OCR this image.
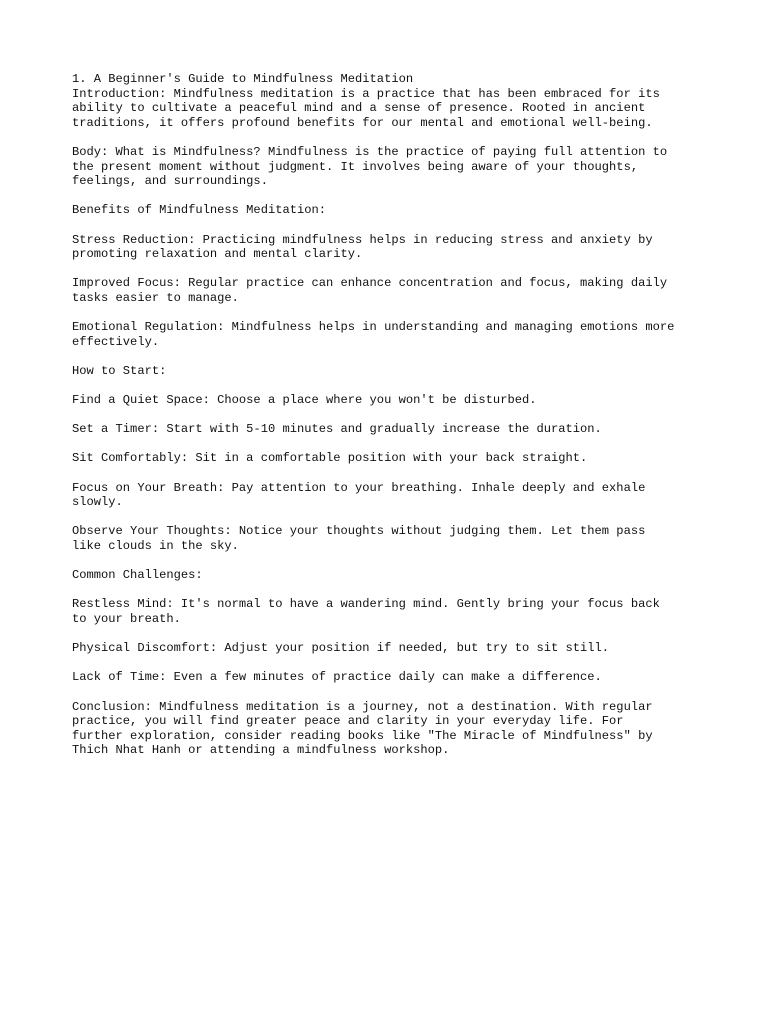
1. A Beginner's Guide to Mindfulness Meditation

Introduction: Mindfulness meditation is a practice that has been embraced for its
ability to cultivate a peaceful mind and a sense of presence. Rooted in ancient
traditions, it offers profound benefits for our mental and emotional well-being.

Body: What is Mindfulness? Mindfulness is the practice of paying full attention to
the present moment without judgment. It involves being aware of your thoughts,
feelings, and surroundings.

Benefits of Mindfulness Meditation:

Stress Reduction: Practicing mindfulness helps in reducing stress and anxiety by
promoting relaxation and mental clarity.

Improved Focus: Regular practice can enhance concentration and focus, making daily
tasks easier to manage.

Emotional Regulation: Mindfulness helps in understanding and managing emotions more
effectively.

How to Start:

Find a Quiet Space: Choose a place where you won't be disturbed.

Set a Timer: Start with 5-10 minutes and gradually increase the duration.

Sit Comfortably: Sit in a comfortable position with your back straight.

Focus on Your Breath: Pay attention to your breathing. Inhale deeply and exhale
slowly.

Observe Your Thoughts: Notice your thoughts without judging them. Let them pass
like clouds in the sky.

Common Challenges:

Restless Mind: It's normal to have a wandering mind. Gently bring your focus back
to your breath.

Physical Discomfort: Adjust your position if needed, but try to sit still.

Lack of Time: Even a few minutes of practice daily can make a difference.

Conclusion: Mindfulness meditation is a journey, not a destination. With regular
practice, you will find greater peace and clarity in your everyday life. For
further exploration, consider reading books like "The Miracle of Mindfulness" by
Thich Nhat Hanh or attending a mindfulness workshop.
